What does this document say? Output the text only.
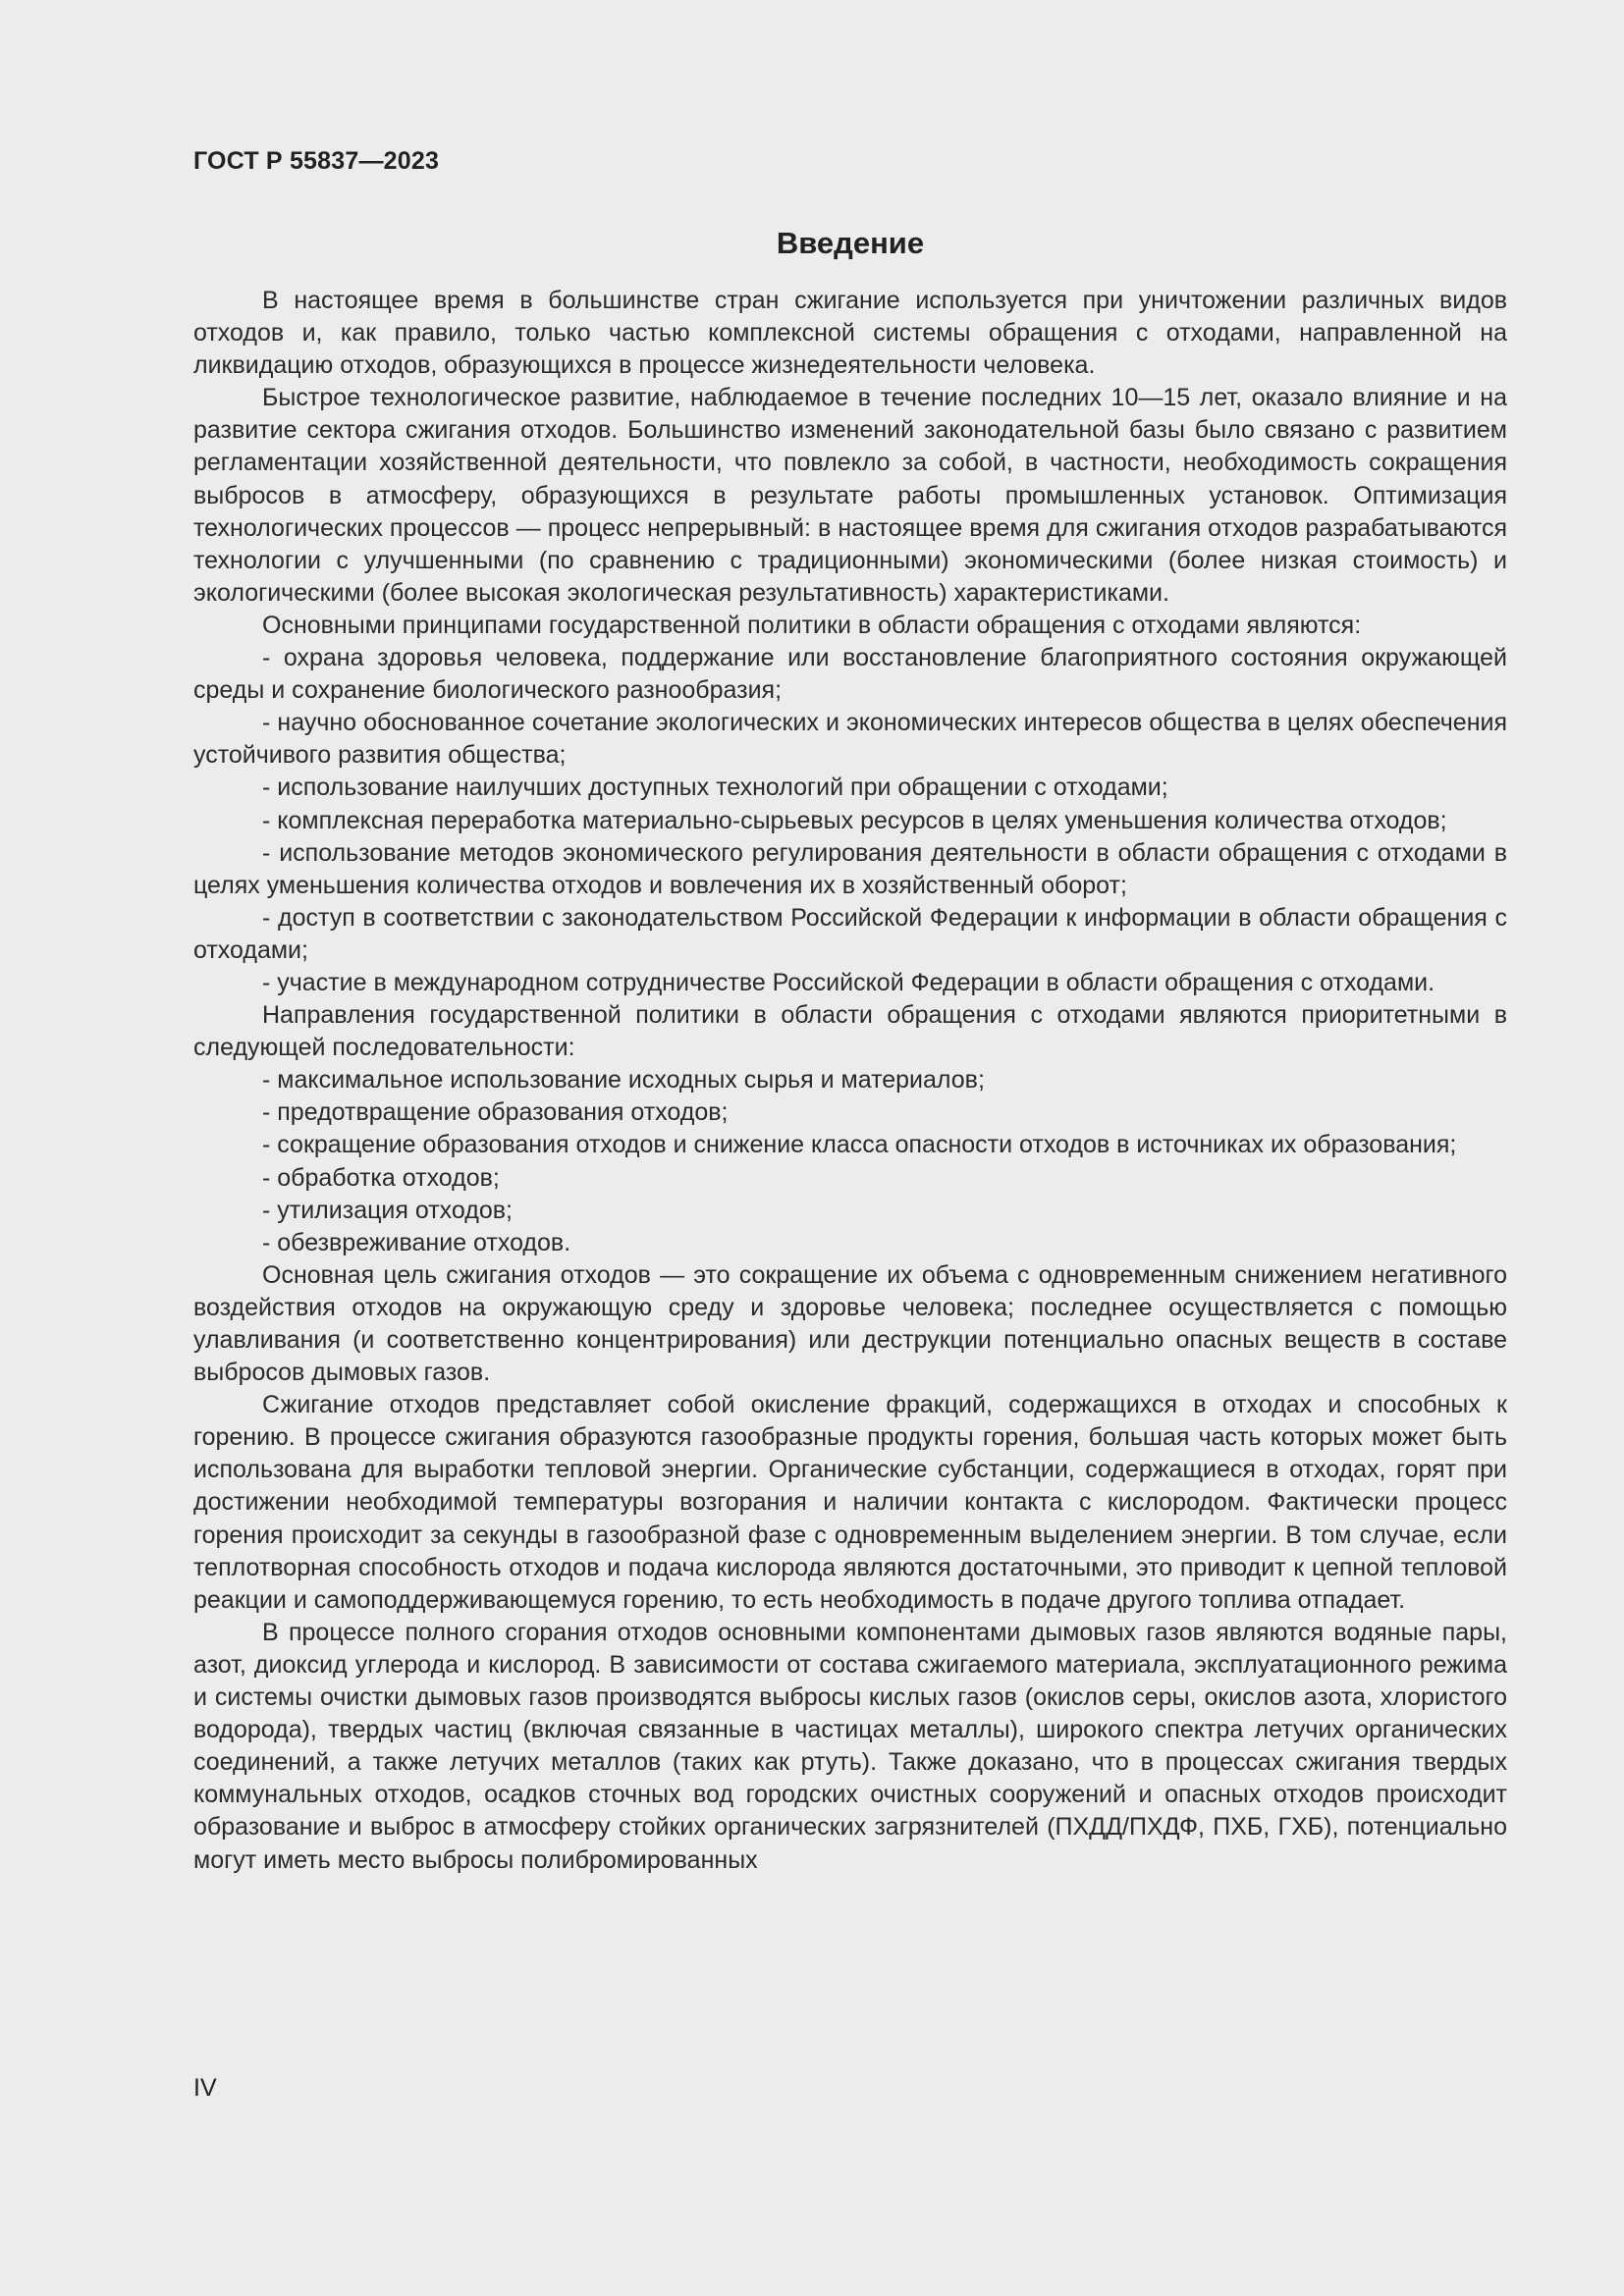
ГОСТ Р 55837—2023
Введение

В настоящее время в большинстве стран сжигание используется при уничтожении различных видов отходов и, как правило, только частью комплексной системы обращения с отходами, направленной на ликвидацию отходов, образующихся в процессе жизнедеятельности человека.

Быстрое технологическое развитие, наблюдаемое в течение последних 10—15 лет, оказало влияние и на развитие сектора сжигания отходов. Большинство изменений законодательной базы было связано с развитием регламентации хозяйственной деятельности, что повлекло за собой, в частности, необходимость сокращения выбросов в атмосферу, образующихся в результате работы промышленных установок. Оптимизация технологических процессов — процесс непрерывный: в настоящее время для сжигания отходов разрабатываются технологии с улучшенными (по сравнению с традиционными) экономическими (более низкая стоимость) и экологическими (более высокая экологическая результативность) характеристиками.

Основными принципами государственной политики в области обращения с отходами являются:

- охрана здоровья человека, поддержание или восстановление благоприятного состояния окружающей среды и сохранение биологического разнообразия;

- научно обоснованное сочетание экологических и экономических интересов общества в целях обеспечения устойчивого развития общества;

- использование наилучших доступных технологий при обращении с отходами;

- комплексная переработка материально-сырьевых ресурсов в целях уменьшения количества отходов;

- использование методов экономического регулирования деятельности в области обращения с отходами в целях уменьшения количества отходов и вовлечения их в хозяйственный оборот;

- доступ в соответствии с законодательством Российской Федерации к информации в области обращения с отходами;

- участие в международном сотрудничестве Российской Федерации в области обращения с отходами.

Направления государственной политики в области обращения с отходами являются приоритетными в следующей последовательности:

- максимальное использование исходных сырья и материалов;

- предотвращение образования отходов;

- сокращение образования отходов и снижение класса опасности отходов в источниках их образования;

- обработка отходов;

- утилизация отходов;

- обезвреживание отходов.

Основная цель сжигания отходов — это сокращение их объема с одновременным снижением негативного воздействия отходов на окружающую среду и здоровье человека; последнее осуществляется с помощью улавливания (и соответственно концентрирования) или деструкции потенциально опасных веществ в составе выбросов дымовых газов.

Сжигание отходов представляет собой окисление фракций, содержащихся в отходах и способных к горению. В процессе сжигания образуются газообразные продукты горения, большая часть которых может быть использована для выработки тепловой энергии. Органические субстанции, содержащиеся в отходах, горят при достижении необходимой температуры возгорания и наличии контакта с кислородом. Фактически процесс горения происходит за секунды в газообразной фазе с одновременным выделением энергии. В том случае, если теплотворная способность отходов и подача кислорода являются достаточными, это приводит к цепной тепловой реакции и самоподдерживающемуся горению, то есть необходимость в подаче другого топлива отпадает.

В процессе полного сгорания отходов основными компонентами дымовых газов являются водяные пары, азот, диоксид углерода и кислород. В зависимости от состава сжигаемого материала, эксплуатационного режима и системы очистки дымовых газов производятся выбросы кислых газов (окислов серы, окислов азота, хлористого водорода), твердых частиц (включая связанные в частицах металлы), широкого спектра летучих органических соединений, а также летучих металлов (таких как ртуть). Также доказано, что в процессах сжигания твердых коммунальных отходов, осадков сточных вод городских очистных сооружений и опасных отходов происходит образование и выброс в атмосферу стойких органических загрязнителей (ПХДД/ПХДФ, ПХБ, ГХБ), потенциально могут иметь место выбросы полибромированных

IV
